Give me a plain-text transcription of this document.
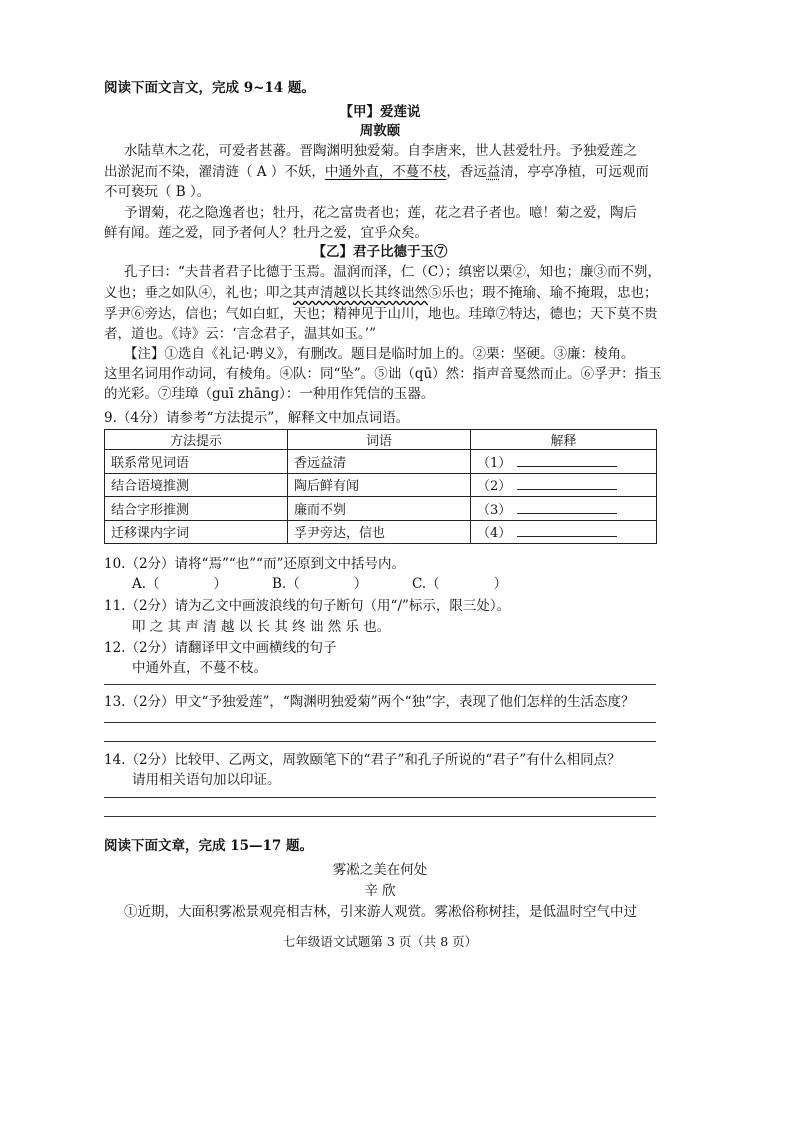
阅读下面文言文，完成 9~14 题。
【甲】爱莲说
周敦颐
水陆草木之花，可爱者甚蕃。晋陶渊明独爱菊。自李唐来，世人甚爱牡丹。予独爱莲之
出淤泥而不染，濯清涟（ A ）不妖，中通外直，不蔓不枝，香远益清，亭亭净植，可远观而
不可亵玩（ B ）。
予谓菊，花之隐逸者也；牡丹，花之富贵者也；莲，花之君子者也。噫！菊之爱，陶后
鲜有闻。莲之爱，同予者何人？牡丹之爱，宜乎众矣。
【乙】君子比德于玉⑦
孔子曰：“夫昔者君子比德于玉焉。温润而泽，仁（C）；缜密以栗②，知也；廉③而不刿，
义也；垂之如队④，礼也；叩之其声清越以长其终诎然⑤乐也；瑕不掩瑜、瑜不掩瑕，忠也；
孚尹⑥旁达，信也；气如白虹，天也；精神见于山川，地也。珪璋⑦特达，德也；天下莫不贵
者，道也。《诗》云：‘言念君子，温其如玉。’”
【注】①选自《礼记·聘义》，有删改。题目是临时加上的。②栗：坚硬。③廉：棱角。
这里名词用作动词，有棱角。④队：同“坠”。⑤诎（qū）然：指声音戛然而止。⑥孚尹：指玉
的光彩。⑦珪璋（guī zhāng）：一种用作凭信的玉器。
9.（4分）请参考“方法提示”，解释文中加点词语。
方法提示	词语	解释
联系常见词语	香远益清	（1）
结合语境推测	陶后鲜有闻	（2）
结合字形推测	廉而不刿	（3）
迁移课内字词	孚尹旁达，信也	（4）
10.（2分）请将“焉”“也”“而”还原到文中括号内。
A.（　　　　）	B.（　　　　）	C.（　　　　）
11.（2分）请为乙文中画波浪线的句子断句（用“/”标示，限三处）。
叩 之 其 声 清 越 以 长 其 终 诎 然 乐 也。
12.（2分）请翻译甲文中画横线的句子
中通外直，不蔓不枝。
13.（2分）甲文“予独爱莲”，“陶渊明独爱菊”两个“独”字，表现了他们怎样的生活态度？
14.（2分）比较甲、乙两文，周敦颐笔下的“君子”和孔子所说的“君子”有什么相同点？
请用相关语句加以印证。
阅读下面文章，完成 15—17 题。
雾凇之美在何处
辛 欣
①近期，大面积雾凇景观亮相吉林，引来游人观赏。雾凇俗称树挂，是低温时空气中过
七年级语文试题第 3 页（共 8 页）
